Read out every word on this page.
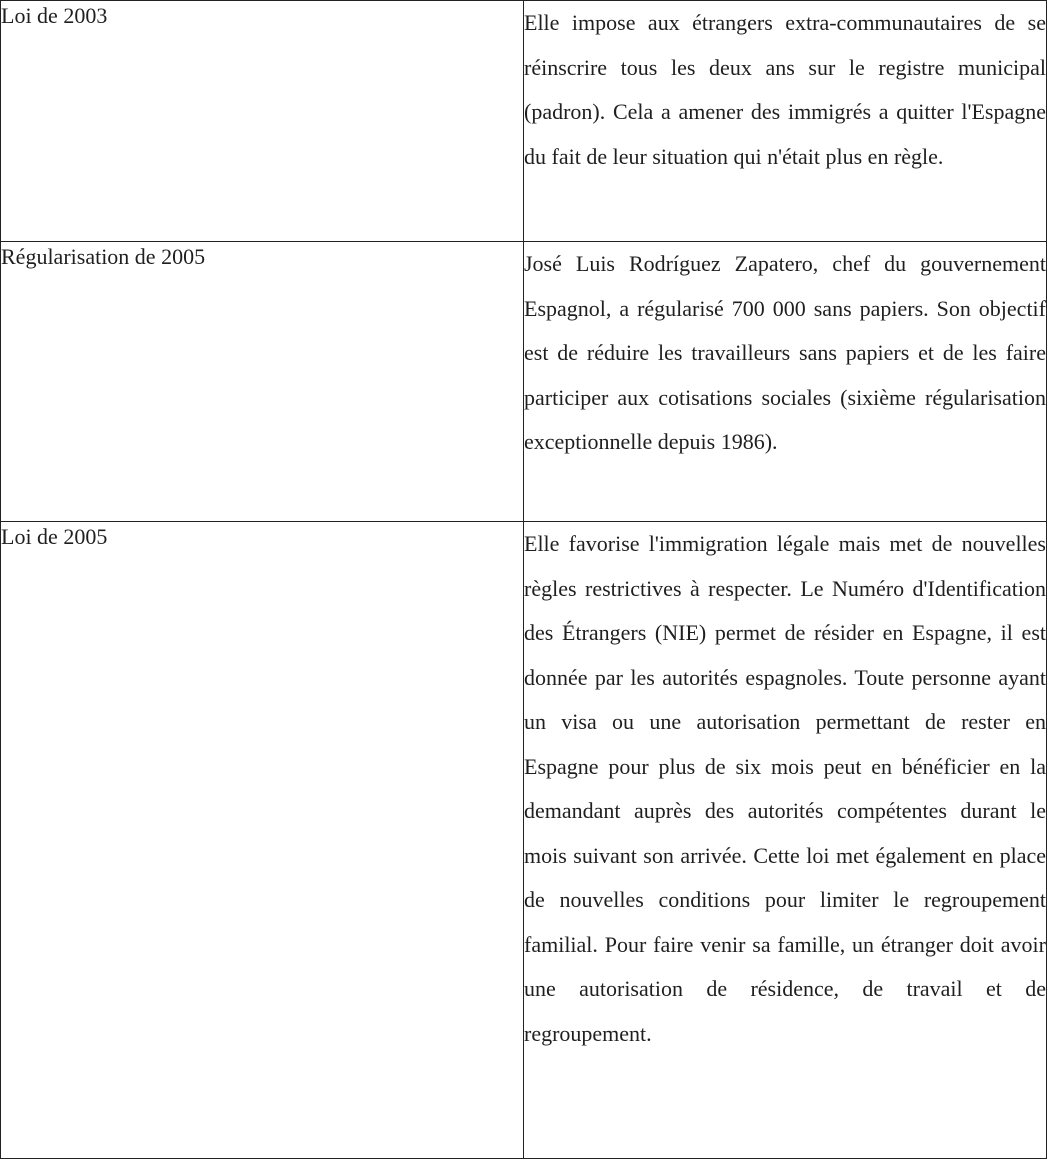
Loi de 2003	Elle impose aux étrangers extra-communautaires de se réinscrire tous les deux ans sur le registre municipal (padron). Cela a amener des immigrés a quitter l'Espagne du fait de leur situation qui n'était plus en règle.
Régularisation de 2005	José Luis Rodríguez Zapatero, chef du gouvernement Espagnol, a régularisé 700 000 sans papiers. Son objectif est de réduire les travailleurs sans papiers et de les faire participer aux cotisations sociales (sixième régularisation exceptionnelle depuis 1986).
Loi de 2005	Elle favorise l'immigration légale mais met de nouvelles règles restrictives à respecter. Le Numéro d'Identification des Étrangers (NIE) permet de résider en Espagne, il est donnée par les autorités espagnoles. Toute personne ayant un visa ou une autorisation permettant de rester en Espagne pour plus de six mois peut en bénéficier en la demandant auprès des autorités compétentes durant le mois suivant son arrivée. Cette loi met également en place de nouvelles conditions pour limiter le regroupement familial. Pour faire venir sa famille, un étranger doit avoir une autorisation de résidence, de travail et de regroupement.
